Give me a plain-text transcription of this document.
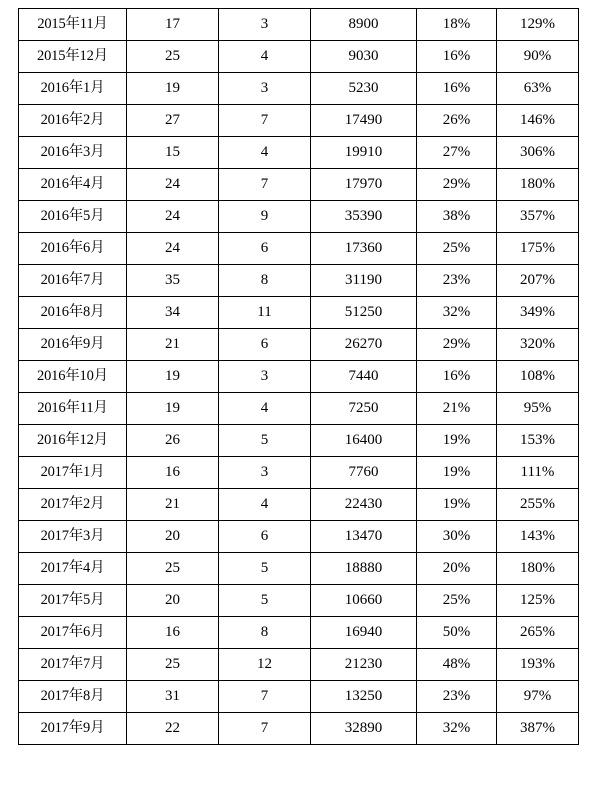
2015年11月	17	3	8900	18%	129%
2015年12月	25	4	9030	16%	90%
2016年1月	19	3	5230	16%	63%
2016年2月	27	7	17490	26%	146%
2016年3月	15	4	19910	27%	306%
2016年4月	24	7	17970	29%	180%
2016年5月	24	9	35390	38%	357%
2016年6月	24	6	17360	25%	175%
2016年7月	35	8	31190	23%	207%
2016年8月	34	11	51250	32%	349%
2016年9月	21	6	26270	29%	320%
2016年10月	19	3	7440	16%	108%
2016年11月	19	4	7250	21%	95%
2016年12月	26	5	16400	19%	153%
2017年1月	16	3	7760	19%	111%
2017年2月	21	4	22430	19%	255%
2017年3月	20	6	13470	30%	143%
2017年4月	25	5	18880	20%	180%
2017年5月	20	5	10660	25%	125%
2017年6月	16	8	16940	50%	265%
2017年7月	25	12	21230	48%	193%
2017年8月	31	7	13250	23%	97%
2017年9月	22	7	32890	32%	387%
